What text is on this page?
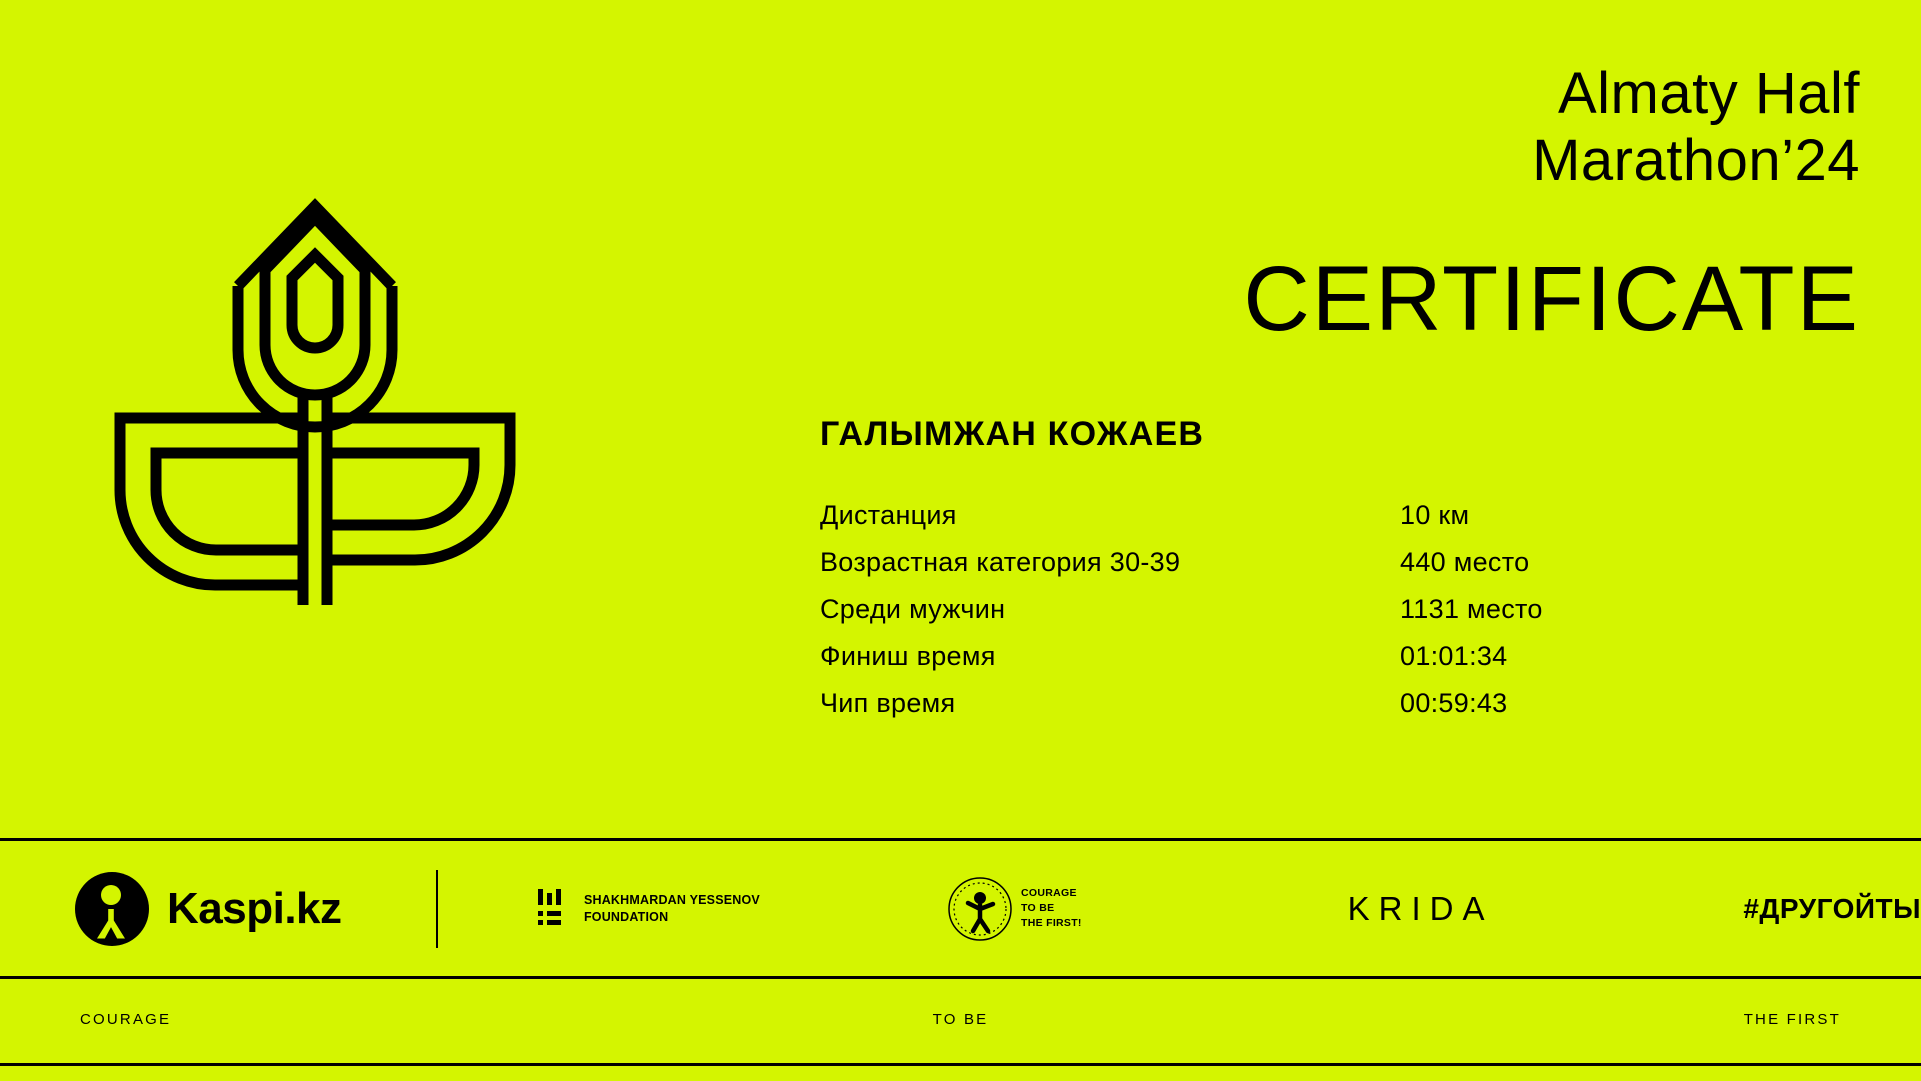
Almaty Half
Marathon’24
CERTIFICATE
ГАЛЫМЖАН КОЖАЕВ
Дистанция	10 км
Возрастная категория 30-39	440 место
Среди мужчин	1131 место
Финиш время	01:01:34
Чип время	00:59:43
Kaspi.kz	SHAKHMARDAN YESSENOV
FOUNDATION
COURAGE
TO BE
THE FIRST!	KRIDA	#ДРУГОЙТЫ
COURAGE	TO BE	THE FIRST
